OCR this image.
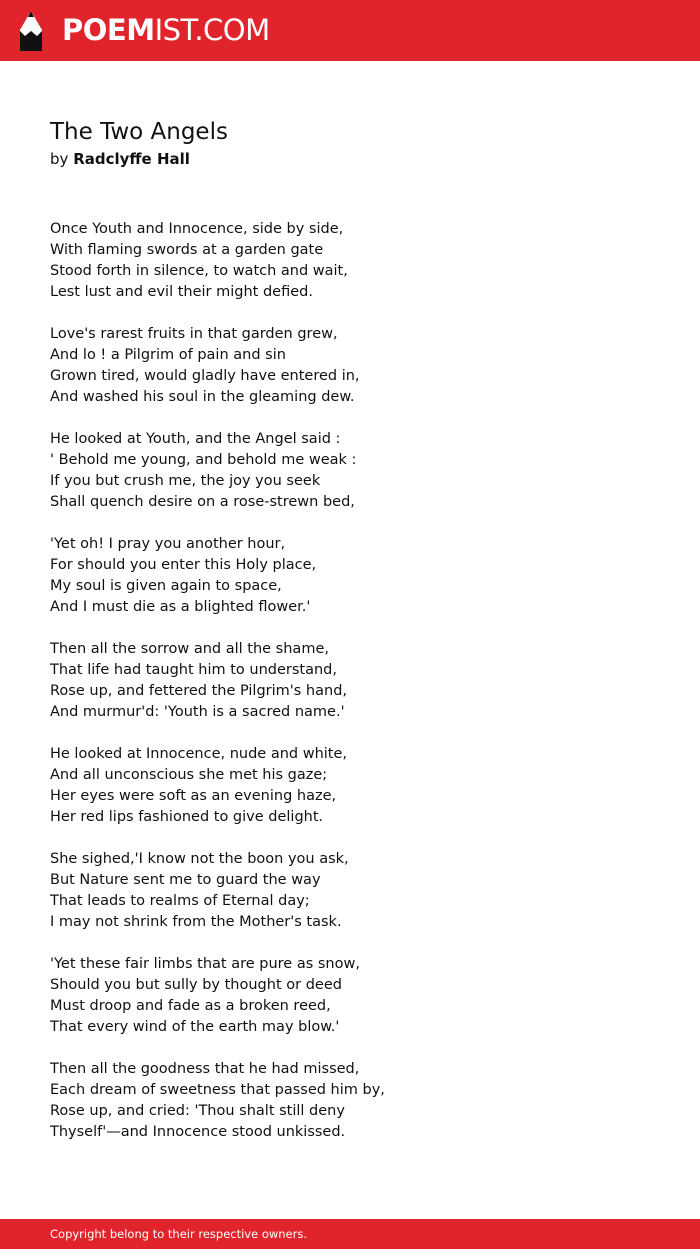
POEMIST.COM
The Two Angels
by Radclyffe Hall
Once Youth and Innocence, side by side,
With flaming swords at a garden gate
Stood forth in silence, to watch and wait,
Lest lust and evil their might defied.
Love's rarest fruits in that garden grew,
And lo ! a Pilgrim of pain and sin
Grown tired, would gladly have entered in,
And washed his soul in the gleaming dew.
He looked at Youth, and the Angel said :
' Behold me young, and behold me weak :
If you but crush me, the joy you seek
Shall quench desire on a rose-strewn bed,
'Yet oh! I pray you another hour,
For should you enter this Holy place,
My soul is given again to space,
And I must die as a blighted flower.'
Then all the sorrow and all the shame,
That life had taught him to understand,
Rose up, and fettered the Pilgrim's hand,
And murmur'd: 'Youth is a sacred name.'
He looked at Innocence, nude and white,
And all unconscious she met his gaze;
Her eyes were soft as an evening haze,
Her red lips fashioned to give delight.
She sighed,'I know not the boon you ask,
But Nature sent me to guard the way
That leads to realms of Eternal day;
I may not shrink from the Mother's task.
'Yet these fair limbs that are pure as snow,
Should you but sully by thought or deed
Must droop and fade as a broken reed,
That every wind of the earth may blow.'
Then all the goodness that he had missed,
Each dream of sweetness that passed him by,
Rose up, and cried: 'Thou shalt still deny
Thyself'—and Innocence stood unkissed.
Copyright belong to their respective owners.
